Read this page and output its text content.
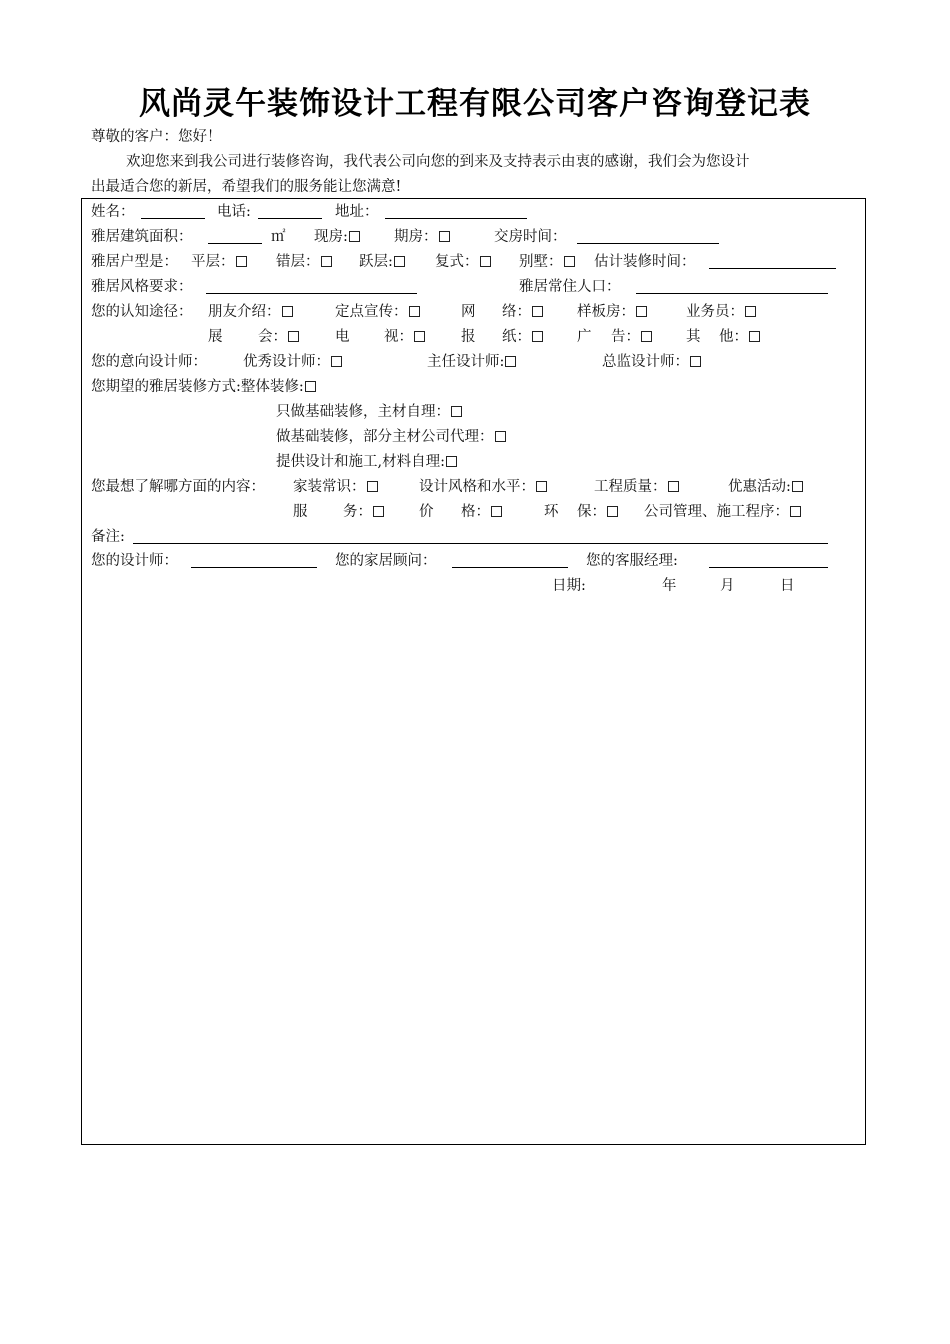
风尚灵午装饰设计工程有限公司客户咨询登记表
尊敬的客户：您好！
欢迎您来到我公司进行装修咨询，我代表公司向您的到来及支持表示由衷的感谢，我们会为您设计
出最适合您的新居，希望我们的服务能让您满意!
姓名：	电话:	地址：
雅居建筑面积：	㎡ 现房:	期房：	交房时间：
雅居户型是： 平层：	错层：	跃层:	复式：	别墅：	估计装修时间：
雅居风格要求：	雅居常住人口：
您的认知途径： 朋友介绍：	定点宣传：	网 络：	样板房：	业务员：
展 会：	电 视：	报 纸：	广 告：	其 他：
您的意向设计师： 优秀设计师：	主任设计师:	总监设计师：
您期望的雅居装修方式:整体装修:
只做基础装修，主材自理：
做基础装修，部分主材公司代理：
提供设计和施工,材料自理:
您最想了解哪方面的内容： 家装常识：	设计风格和水平：	工程质量：	优惠活动:
服 务：	价 格：	环 保：	公司管理、施工程序：
备注:
您的设计师：	您的家居顾问：	您的客服经理:
日期:	年	月	日
